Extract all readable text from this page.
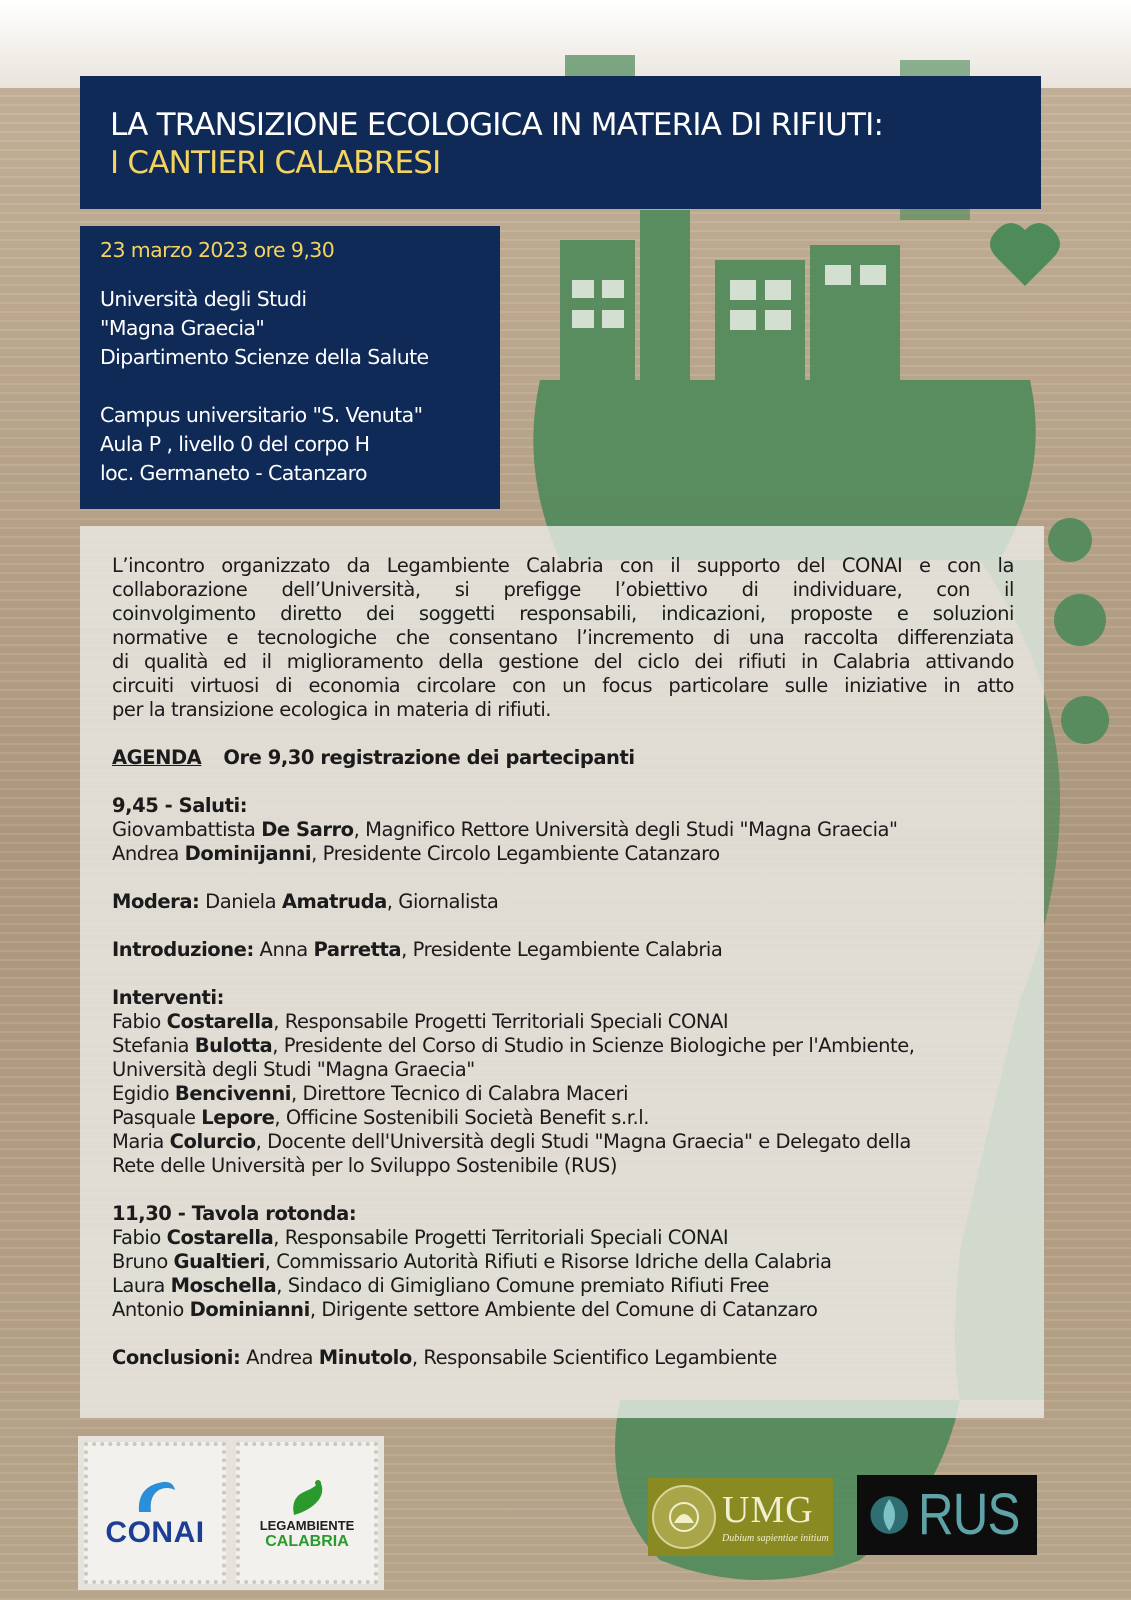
LA TRANSIZIONE ECOLOGICA IN MATERIA DI RIFIUTI:
I CANTIERI CALABRESI
23 marzo 2023 ore 9,30
Università degli Studi
"Magna Graecia"
Dipartimento Scienze della Salute
Campus universitario "S. Venuta"
Aula P , livello 0 del corpo H
loc. Germaneto - Catanzaro
L’incontro organizzato da Legambiente Calabria con il supporto del CONAI e con la
collaborazione dell’Università, si prefigge l’obiettivo di individuare, con il
coinvolgimento diretto dei soggetti responsabili, indicazioni, proposte e soluzioni
normative e tecnologiche che consentano l’incremento di una raccolta differenziata
di qualità ed il miglioramento della gestione del ciclo dei rifiuti in Calabria attivando
circuiti virtuosi di economia circolare con un focus particolare sulle iniziative in atto
per la transizione ecologica in materia di rifiuti.
AGENDA Ore 9,30 registrazione dei partecipanti
9,45 - Saluti:
Giovambattista De Sarro, Magnifico Rettore Università degli Studi "Magna Graecia"
Andrea Dominijanni, Presidente Circolo Legambiente Catanzaro
Modera: Daniela Amatruda, Giornalista
Introduzione: Anna Parretta, Presidente Legambiente Calabria
Interventi:
Fabio Costarella, Responsabile Progetti Territoriali Speciali CONAI
Stefania Bulotta, Presidente del Corso di Studio in Scienze Biologiche per l'Ambiente,
Università degli Studi "Magna Graecia"
Egidio Bencivenni, Direttore Tecnico di Calabra Maceri
Pasquale Lepore, Officine Sostenibili Società Benefit s.r.l.
Maria Colurcio, Docente dell'Università degli Studi "Magna Graecia" e Delegato della
Rete delle Università per lo Sviluppo Sostenibile (RUS)
11,30 - Tavola rotonda:
Fabio Costarella, Responsabile Progetti Territoriali Speciali CONAI
Bruno Gualtieri, Commissario Autorità Rifiuti e Risorse Idriche della Calabria
Laura Moschella, Sindaco di Gimigliano Comune premiato Rifiuti Free
Antonio Dominianni, Dirigente settore Ambiente del Comune di Catanzaro
Conclusioni: Andrea Minutolo, Responsabile Scientifico Legambiente
CONAI	LEGAMBIENTE
CALABRIA
UMG
Dubium sapientiae initium RUS
